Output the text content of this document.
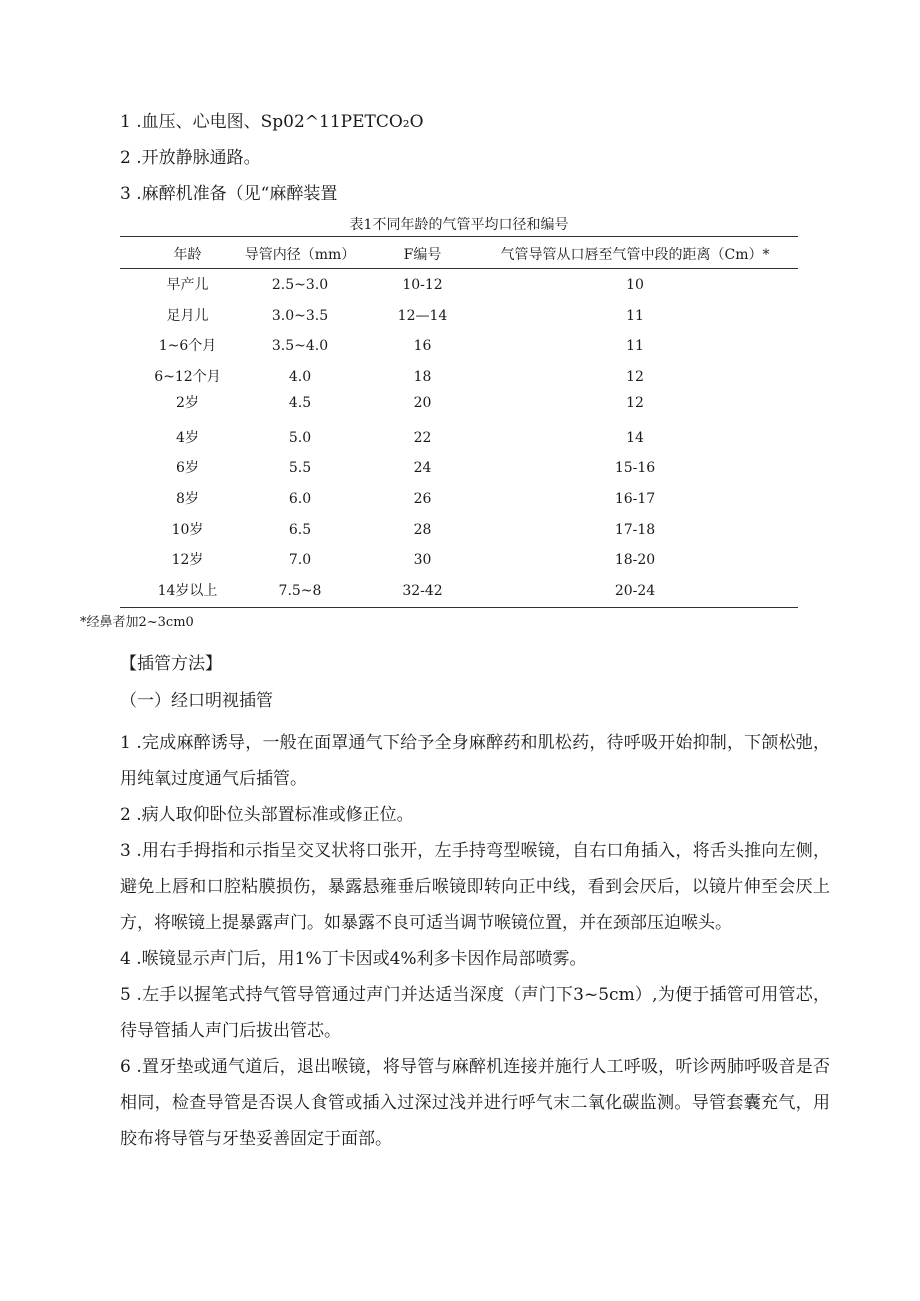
1 .血压、心电图、Sp02^11PETCO₂O
2 .开放静脉通路。
3 .麻醉机准备（见“麻醉装置
表1不同年龄的气管平均口径和编号
年龄	导管内径（mm）	F编号	气管导管从口唇至气管中段的距离（Cm）*
早产儿	2.5~3.0	10-12	10
足月儿	3.0~3.5	12—14	11
1~6个月	3.5~4.0	16	11
6~12个月	4.0	18	12
2岁	4.5	20	12
4岁	5.0	22	14
6岁	5.5	24	15-16
8岁	6.0	26	16-17
10岁	6.5	28	17-18
12岁	7.0	30	18-20
14岁以上	7.5~8	32-42	20-24
*经鼻者加2~3cm0
【插管方法】
（一）经口明视插管
1 .完成麻醉诱导，一般在面罩通气下给予全身麻醉药和肌松药，待呼吸开始抑制，下颌松弛，用纯氧过度通气后插管。
2 .病人取仰卧位头部置标准或修正位。
3 .用右手拇指和示指呈交叉状将口张开，左手持弯型喉镜，自右口角插入，将舌头推向左侧，避免上唇和口腔粘膜损伤，暴露悬雍垂后喉镜即转向正中线，看到会厌后，以镜片伸至会厌上方，将喉镜上提暴露声门。如暴露不良可适当调节喉镜位置，并在颈部压迫喉头。
4 .喉镜显示声门后，用1%丁卡因或4%利多卡因作局部喷雾。
5 .左手以握笔式持气管导管通过声门并达适当深度（声门下3~5cm）,为便于插管可用管芯，待导管插人声门后拔出管芯。
6 .置牙垫或通气道后，退出喉镜，将导管与麻醉机连接并施行人工呼吸，听诊两肺呼吸音是否相同，检查导管是否误人食管或插入过深过浅并进行呼气末二氧化碳监测。导管套囊充气，用胶布将导管与牙垫妥善固定于面部。
